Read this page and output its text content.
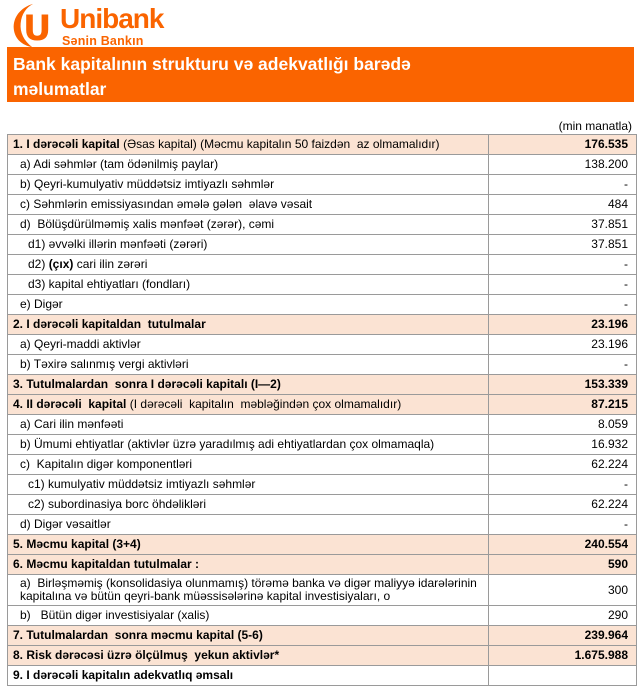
U Unibank
Sənin Bankın
Bank kapitalının strukturu və adekvatlığı barədə
məlumatlar
(min manatla)
1. I dərəcəli kapital (Əsas kapital) (Məcmu kapitalın 50 faizdən  az olmamalıdır)	176.535
a) Adi səhmlər (tam ödənilmiş paylar)	138.200
b) Qeyri-kumulyativ müddətsiz imtiyazlı səhmlər	-
c) Səhmlərin emissiyasından əmələ gələn  əlavə vəsait	484
d)  Bölüşdürülməmiş xalis mənfəət (zərər), cəmi	37.851
d1) əvvəlki illərin mənfəəti (zərəri)	37.851
d2) (çıx) cari ilin zərəri	-
d3) kapital ehtiyatları (fondları)	-
e) Digər	-
2. I dərəcəli kapitaldan  tutulmalar	23.196
a) Qeyri-maddi aktivlər	23.196
b) Təxirə salınmış vergi aktivləri	-
3. Tutulmalardan  sonra I dərəcəli kapitalı (I—2)	153.339
4. II dərəcəli  kapital (I dərəcəli  kapitalın  məbləğindən çox olmamalıdır)	87.215
a) Cari ilin mənfəəti	8.059
b) Ümumi ehtiyatlar (aktivlər üzrə yaradılmış adi ehtiyatlardan çox olmamaqla)	16.932
c)  Kapitalın digər komponentləri	62.224
c1) kumulyativ müddətsiz imtiyazlı səhmlər	-
c2) subordinasiya borc öhdəlikləri	62.224
d) Digər vəsaitlər	-
5. Məcmu kapital (3+4)	240.554
6. Məcmu kapitaldan tutulmalar :	590
a)  Birləşməmiş (konsolidasiya olunmamış) törəmə banka və digər maliyyə idarələrinin kapitalına və bütün qeyri-bank müəssisələrinə kapital investisiyaları, o	300
b)   Bütün digər investisiyalar (xalis)	290
7. Tutulmalardan  sonra məcmu kapital (5-6)	239.964
8. Risk dərəcəsi üzrə ölçülmuş  yekun aktivlər*	1.675.988
9. I dərəcəli kapitalın adekvatlıq əmsalı	
